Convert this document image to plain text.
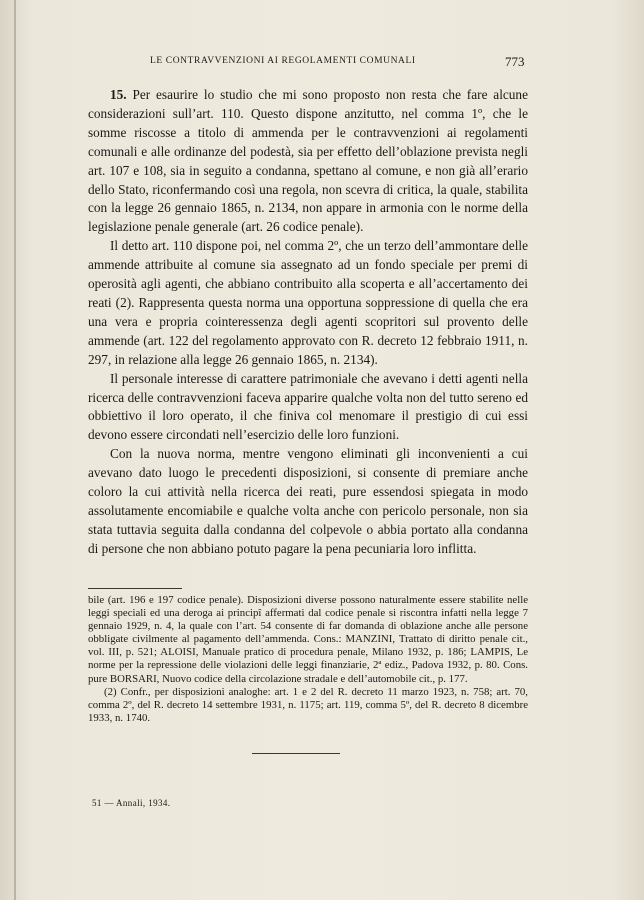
LE CONTRAVVENZIONI AI REGOLAMENTI COMUNALI	773

15. Per esaurire lo studio che mi sono proposto non resta che fare alcune considerazioni sull’art. 110. Questo dispone anzitutto, nel comma 1º, che le somme riscosse a titolo di ammenda per le contravvenzioni ai regolamenti comunali e alle ordinanze del podestà, sia per effetto dell’oblazione prevista negli art. 107 e 108, sia in seguito a condanna, spettano al comune, e non già all’erario dello Stato, riconfermando così una regola, non scevra di critica, la quale, stabilita con la legge 26 gennaio 1865, n. 2134, non appare in armonia con le norme della legislazione penale generale (art. 26 codice penale).

Il detto art. 110 dispone poi, nel comma 2º, che un terzo dell’ammontare delle ammende attribuite al comune sia assegnato ad un fondo speciale per premi di operosità agli agenti, che abbiano contribuito alla scoperta e all’accertamento dei reati (2). Rappresenta questa norma una opportuna soppressione di quella che era una vera e propria cointeressenza degli agenti scopritori sul provento delle ammende (art. 122 del regolamento approvato con R. decreto 12 febbraio 1911, n. 297, in relazione alla legge 26 gennaio 1865, n. 2134).

Il personale interesse di carattere patrimoniale che avevano i detti agenti nella ricerca delle contravvenzioni faceva apparire qualche volta non del tutto sereno ed obbiettivo il loro operato, il che finiva col menomare il prestigio di cui essi devono essere circondati nell’esercizio delle loro funzioni.

Con la nuova norma, mentre vengono eliminati gli inconvenienti a cui avevano dato luogo le precedenti disposizioni, si consente di premiare anche coloro la cui attività nella ricerca dei reati, pure essendosi spiegata in modo assolutamente encomiabile e qualche volta anche con pericolo personale, non sia stata tuttavia seguita dalla condanna del colpevole o abbia portato alla condanna di persone che non abbiano potuto pagare la pena pecuniaria loro inflitta.

bile (art. 196 e 197 codice penale). Disposizioni diverse possono naturalmente essere stabilite nelle leggi speciali ed una deroga ai principî affermati dal codice penale si riscontra infatti nella legge 7 gennaio 1929, n. 4, la quale con l’art. 54 consente di far domanda di oblazione anche alle persone obbligate civilmente al pagamento dell’ammenda. Cons.: MANZINI, Trattato di diritto penale cit., vol. III, p. 521; ALOISI, Manuale pratico di procedura penale, Milano 1932, p. 186; LAMPIS, Le norme per la repressione delle violazioni delle leggi finanziarie, 2ª ediz., Padova 1932, p. 80. Cons. pure BORSARI, Nuovo codice della circolazione stradale e dell’automobile cit., p. 177.

(2) Confr., per disposizioni analoghe: art. 1 e 2 del R. decreto 11 marzo 1923, n. 758; art. 70, comma 2º, del R. decreto 14 settembre 1931, n. 1175; art. 119, comma 5º, del R. decreto 8 dicembre 1933, n. 1740.

51 — Annali, 1934.
